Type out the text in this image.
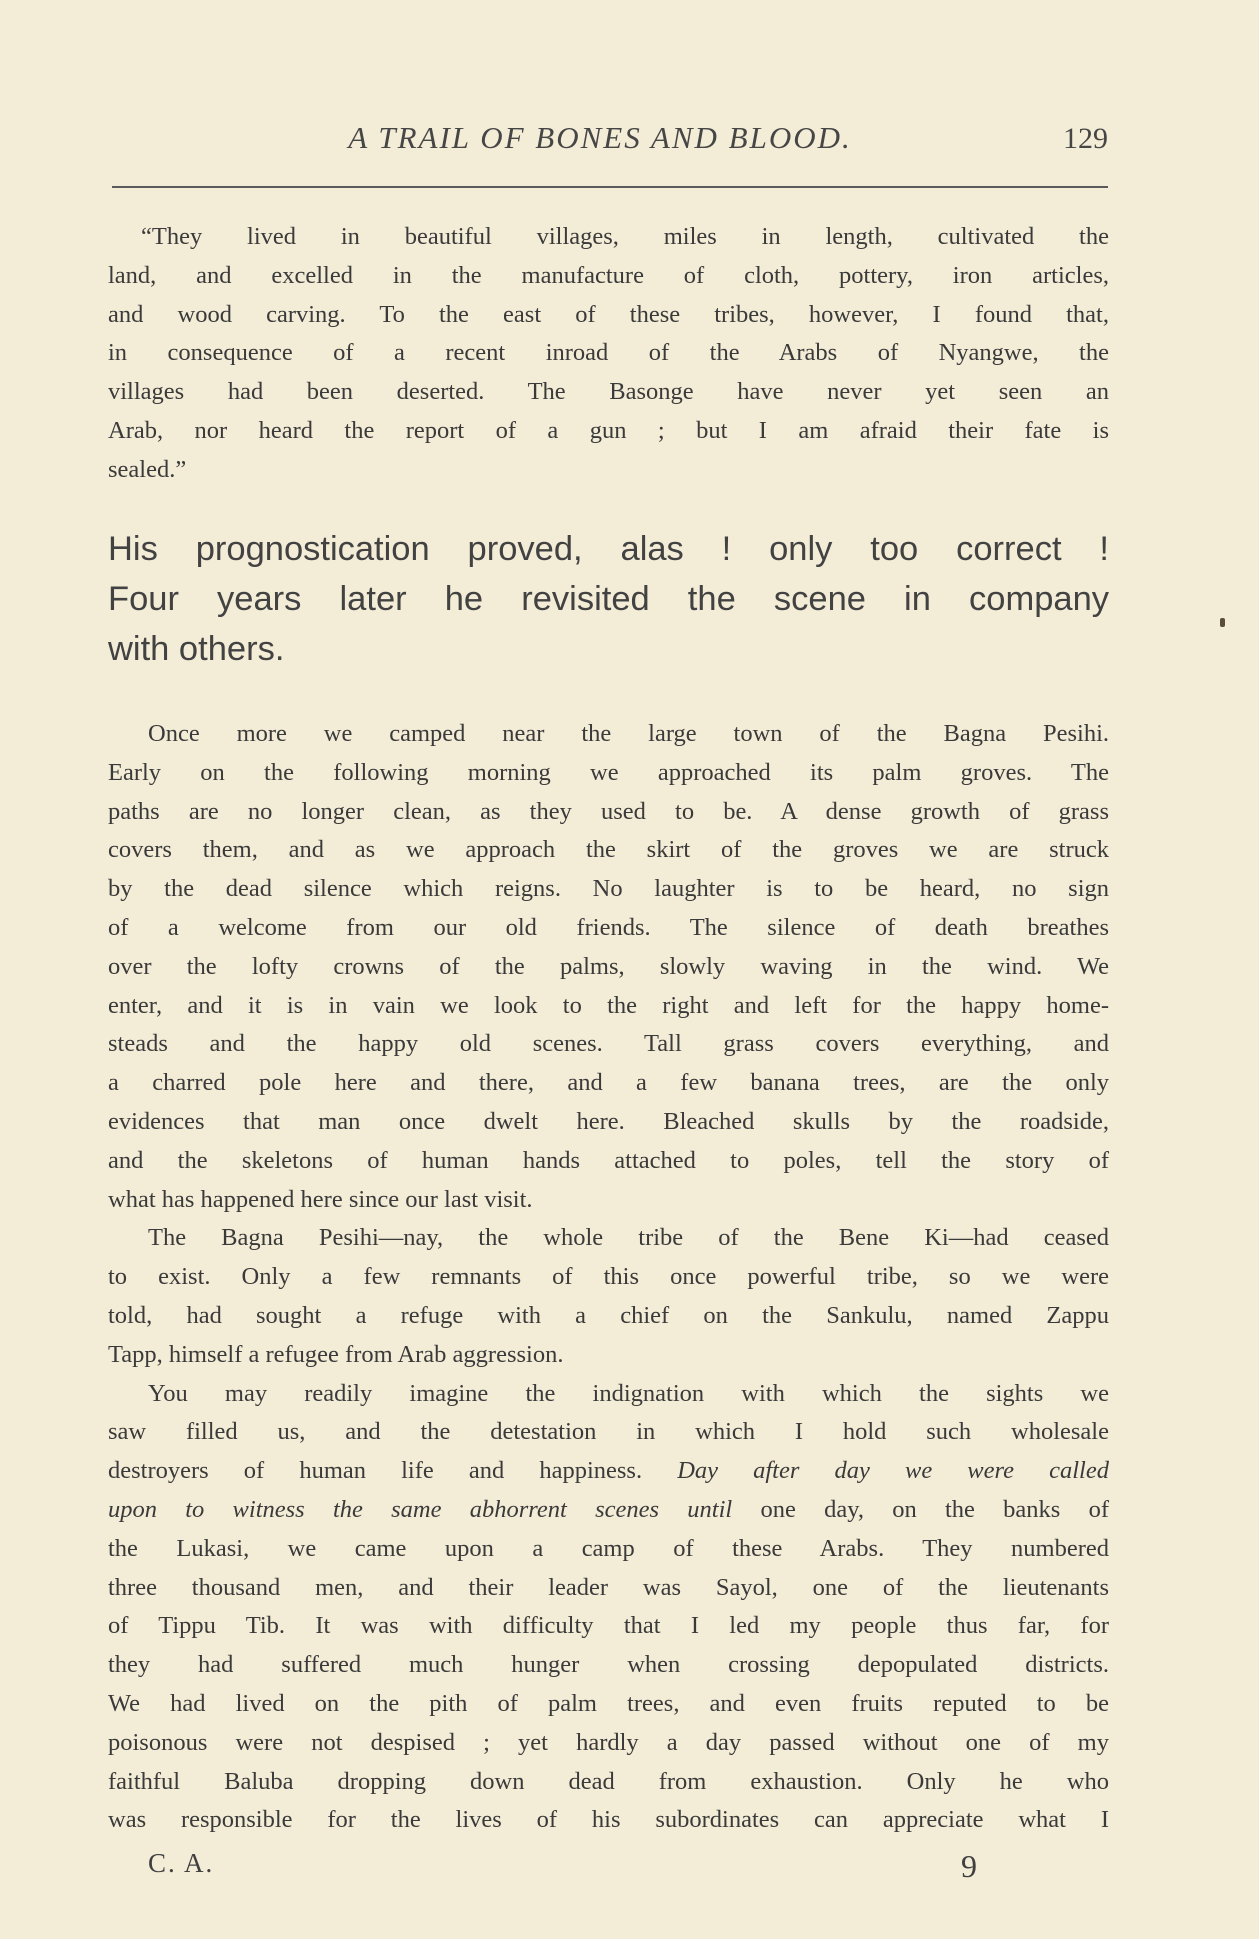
A TRAIL OF BONES AND BLOOD.	129

“They lived in beautiful villages, miles in length, cultivated the

land, and excelled in the manufacture of cloth, pottery, iron articles,

and wood carving. To the east of these tribes, however, I found that,

in consequence of a recent inroad of the Arabs of Nyangwe, the

villages had been deserted. The Basonge have never yet seen an

Arab, nor heard the report of a gun ; but I am afraid their fate is

sealed.”

His prognostication proved, alas ! only too correct !

Four years later he revisited the scene in company

with others.

Once more we camped near the large town of the Bagna Pesihi.

Early on the following morning we approached its palm groves. The

paths are no longer clean, as they used to be. A dense growth of grass

covers them, and as we approach the skirt of the groves we are struck

by the dead silence which reigns. No laughter is to be heard, no sign

of a welcome from our old friends. The silence of death breathes

over the lofty crowns of the palms, slowly waving in the wind. We

enter, and it is in vain we look to the right and left for the happy home-

steads and the happy old scenes. Tall grass covers everything, and

a charred pole here and there, and a few banana trees, are the only

evidences that man once dwelt here. Bleached skulls by the roadside,

and the skeletons of human hands attached to poles, tell the story of

what has happened here since our last visit.

The Bagna Pesihi—nay, the whole tribe of the Bene Ki—had ceased

to exist. Only a few remnants of this once powerful tribe, so we were

told, had sought a refuge with a chief on the Sankulu, named Zappu

Tapp, himself a refugee from Arab aggression.

You may readily imagine the indignation with which the sights we

saw filled us, and the detestation in which I hold such wholesale

destroyers of human life and happiness. Day after day we were called

upon to witness the same abhorrent scenes until one day, on the banks of

the Lukasi, we came upon a camp of these Arabs. They numbered

three thousand men, and their leader was Sayol, one of the lieutenants

of Tippu Tib. It was with difficulty that I led my people thus far, for

they had suffered much hunger when crossing depopulated districts.

We had lived on the pith of palm trees, and even fruits reputed to be

poisonous were not despised ; yet hardly a day passed without one of my

faithful Baluba dropping down dead from exhaustion. Only he who

was responsible for the lives of his subordinates can appreciate what I

C. A.	9
